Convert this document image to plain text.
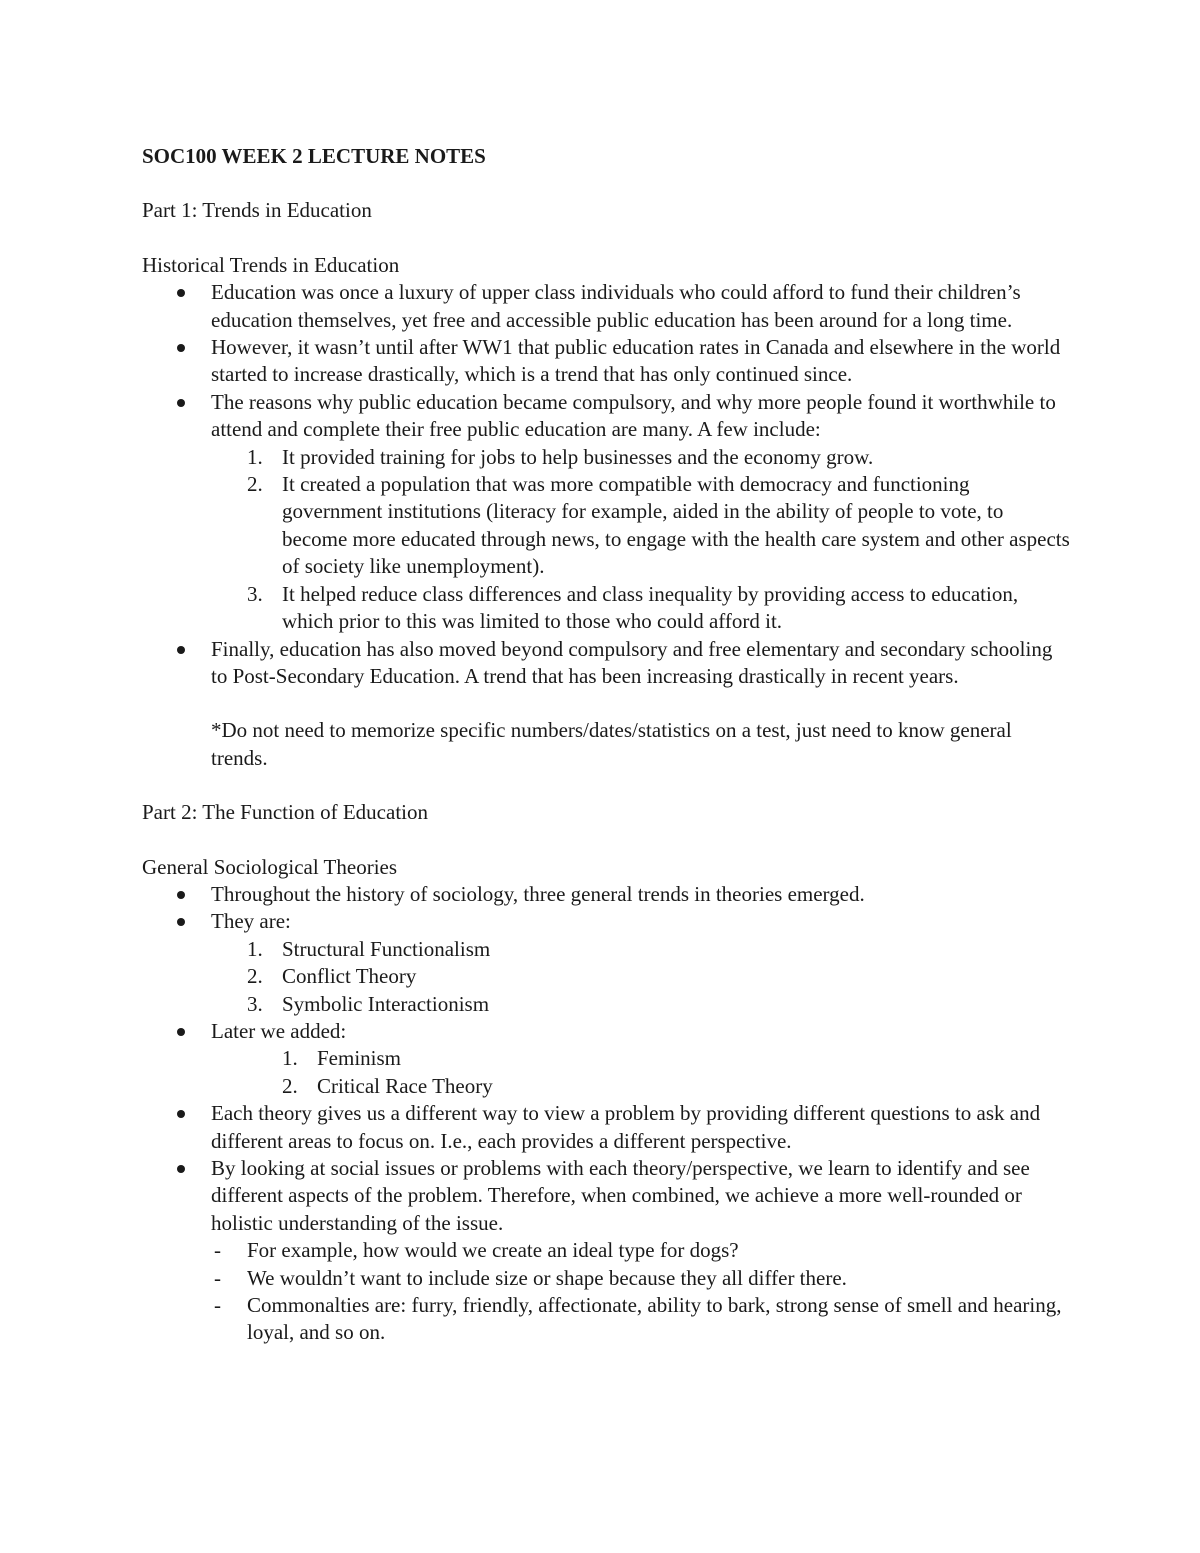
SOC100 WEEK 2 LECTURE NOTES
Part 1: Trends in Education
Historical Trends in Education
Education was once a luxury of upper class individuals who could afford to fund their children’s education themselves, yet free and accessible public education has been around for a long time.
However, it wasn’t until after WW1 that public education rates in Canada and elsewhere in the world started to increase drastically, which is a trend that has only continued since.
The reasons why public education became compulsory, and why more people found it worthwhile to attend and complete their free public education are many. A few include:
1. It provided training for jobs to help businesses and the economy grow.
2. It created a population that was more compatible with democracy and functioning government institutions (literacy for example, aided in the ability of people to vote, to become more educated through news, to engage with the health care system and other aspects of society like unemployment).
3. It helped reduce class differences and class inequality by providing access to education, which prior to this was limited to those who could afford it.
Finally, education has also moved beyond compulsory and free elementary and secondary schooling to Post-Secondary Education. A trend that has been increasing drastically in recent years.
*Do not need to memorize specific numbers/dates/statistics on a test, just need to know general trends.
Part 2: The Function of Education
General Sociological Theories
Throughout the history of sociology, three general trends in theories emerged.
They are:
1. Structural Functionalism
2. Conflict Theory
3. Symbolic Interactionism
Later we added:
1. Feminism
2. Critical Race Theory
Each theory gives us a different way to view a problem by providing different questions to ask and different areas to focus on. I.e., each provides a different perspective.
By looking at social issues or problems with each theory/perspective, we learn to identify and see different aspects of the problem. Therefore, when combined, we achieve a more well-rounded or holistic understanding of the issue.
- For example, how would we create an ideal type for dogs?
- We wouldn’t want to include size or shape because they all differ there.
- Commonalties are: furry, friendly, affectionate, ability to bark, strong sense of smell and hearing, loyal, and so on.
